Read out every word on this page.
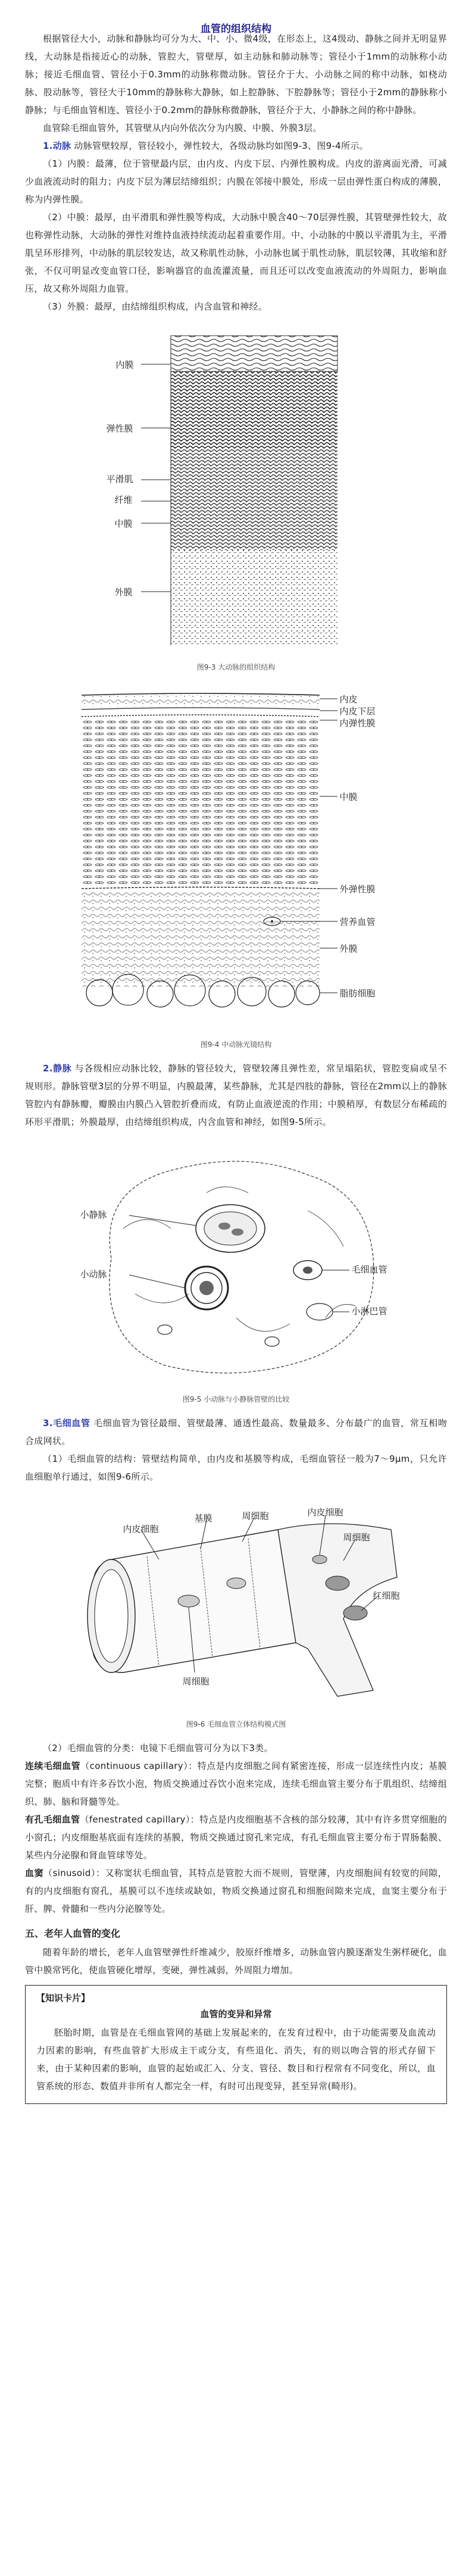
血管的组织结构

根据管径大小，动脉和静脉均可分为大、中、小、微4级，在形态上，这4级动、静脉之间并无明显界线，大动脉是指接近心的动脉，管腔大，管壁厚，如主动脉和肺动脉等；管径小于1mm的动脉称小动脉；接近毛细血管、管径小于0.3mm的动脉称微动脉。管径介于大、小动脉之间的称中动脉，如桡动脉、股动脉等，管径大于10mm的静脉称大静脉，如上腔静脉、下腔静脉等；管径小于2mm的静脉称小静脉；与毛细血管相连、管径小于0.2mm的静脉称微静脉，管径介于大、小静脉之间的称中静脉。

血管除毛细血管外，其管壁从内向外依次分为内膜、中膜、外膜3层。

1.动脉 动脉管壁较厚，管径较小，弹性较大，各级动脉均如图9-3、图9-4所示。

（1）内膜：最薄，位于管壁最内层，由内皮、内皮下层、内弹性膜构成。内皮的游离面光滑，可减少血液流动时的阻力；内皮下层为薄层结缔组织；内膜在邻接中膜处，形成一层由弹性蛋白构成的薄膜，称为内弹性膜。

（2）中膜：最厚，由平滑肌和弹性膜等构成，大动脉中膜含40～70层弹性膜，其管壁弹性较大，故也称弹性动脉，大动脉的弹性对维持血液持续流动起着重要作用。中、小动脉的中膜以平滑肌为主，平滑肌呈环形排列，中动脉的肌层较发达，故又称肌性动脉，小动脉也属于肌性动脉，肌层较薄，其收缩和舒张，不仅可明显改变血管口径，影响器官的血流灌流量，而且还可以改变血液流动的外周阻力，影响血压，故又称外周阻力血管。

（3）外膜：最厚，由结缔组织构成，内含血管和神经。

内膜
弹性膜
平滑肌
纤维
中膜
外膜
图9-3 大动脉的组织结构
内皮
内皮下层
内弹性膜
中膜
外弹性膜
营养血管
外膜
脂肪细胞
图9-4 中动脉光镜结构

2.静脉 与各级相应动脉比较，静脉的管径较大，管壁较薄且弹性差，常呈塌陷状，管腔变扁或呈不规则形。静脉管壁3层的分界不明显，内膜最薄，某些静脉，尤其是四肢的静脉，管径在2mm以上的静脉管腔内有静脉瓣，瓣膜由内膜凸入管腔折叠而成，有防止血液逆流的作用；中膜稍厚，有数层分布稀疏的环形平滑肌；外膜最厚，由结缔组织构成，内含血管和神经，如图9-5所示。

小静脉
小动脉	毛细血管
小淋巴管
图9-5 小动脉与小静脉管壁的比较

3.毛细血管 毛细血管为管径最细、管壁最薄、通透性最高、数量最多、分布最广的血管，常互相吻合成网状。

（1）毛细血管的结构：管壁结构简单，由内皮和基膜等构成，毛细血管径一般为7～9μm，只允许血细胞单行通过，如图9-6所示。

内皮细胞
基膜	周细胞	内皮细胞
周细胞
红细胞
周细胞
图9-6 毛细血管立体结构模式图

（2）毛细血管的分类：电镜下毛细血管可分为以下3类。

连续毛细血管（continuous capillary）：特点是内皮细胞之间有紧密连接，形成一层连续性内皮；基膜完整；胞质中有许多吞饮小泡，物质交换通过吞饮小泡来完成，连续毛细血管主要分布于肌组织、结缔组织、肺、脑和肾髓等处。

有孔毛细血管（fenestrated capillary）：特点是内皮细胞基不含核的部分较薄，其中有许多贯穿细胞的小窗孔；内皮细胞基底面有连续的基膜，物质交换通过窗孔来完成，有孔毛细血管主要分布于胃肠黏膜、某些内分泌腺和肾血管球等处。

血窦（sinusoid）：又称窦状毛细血管，其特点是管腔大而不规则，管壁薄，内皮细胞间有较宽的间隙，有的内皮细胞有窗孔，基膜可以不连续或缺如，物质交换通过窗孔和细胞间隙来完成，血窦主要分布于肝、脾、骨髓和一些内分泌腺等处。

五、老年人血管的变化

随着年龄的增长，老年人血管壁弹性纤维减少，胶原纤维增多，动脉血管内膜逐渐发生粥样硬化，血管中膜常钙化，使血管硬化增厚，变硬，弹性减弱，外周阻力增加。

【知识卡片】
血管的变异和异常

胚胎时期，血管是在毛细血管网的基础上发展起来的，在发育过程中，由于功能需要及血流动力因素的影响，有些血管扩大形成主干或分支，有些退化、消失，有的则以吻合管的形式存留下来，由于某种因素的影响，血管的起始或汇入、分支、管径、数目和行程常有不同变化，所以，血管系统的形态、数值并非所有人都完全一样，有时可出现变异，甚至异常(畸形)。
